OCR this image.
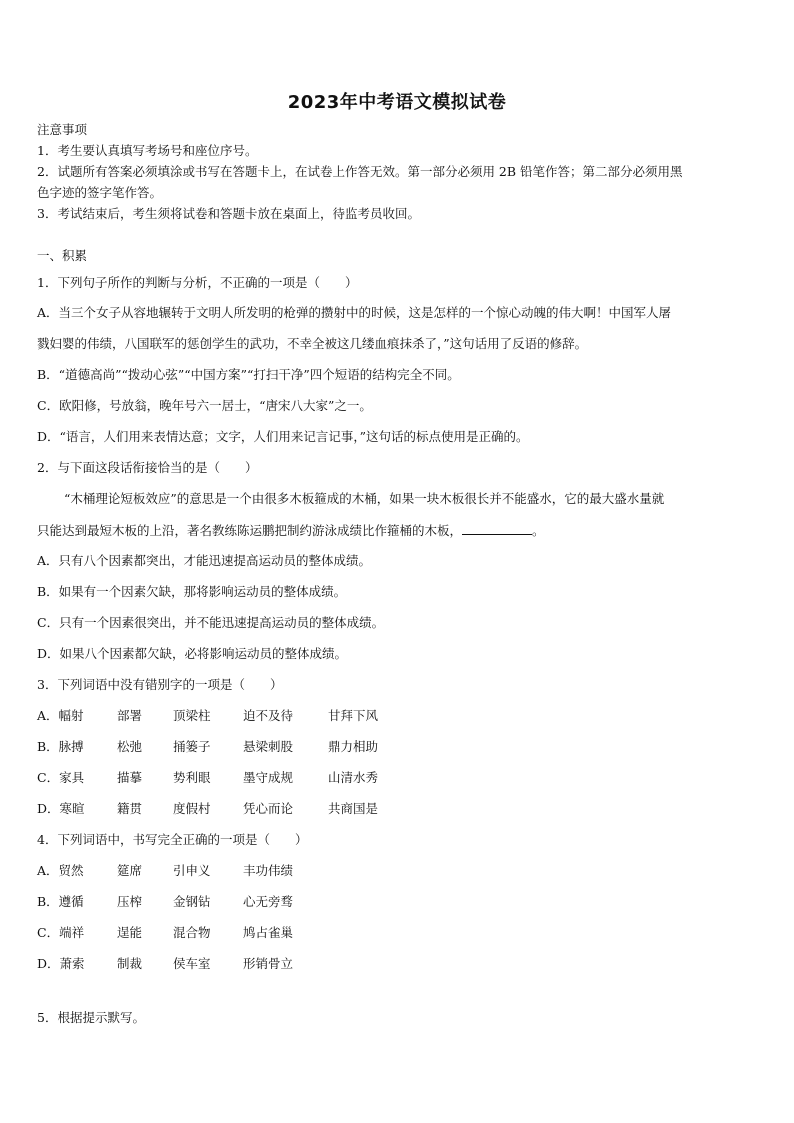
2023年中考语文模拟试卷
注意事项
1．考生要认真填写考场号和座位序号。
2．试题所有答案必须填涂或书写在答题卡上，在试卷上作答无效。第一部分必须用 2B 铅笔作答；第二部分必须用黑
色字迹的签字笔作答。
3．考试结束后，考生须将试卷和答题卡放在桌面上，待监考员收回。
一、积累
1．下列句子所作的判断与分析，不正确的一项是（　　）
A．当三个女子从容地辗转于文明人所发明的枪弹的攒射中的时候，这是怎样的一个惊心动魄的伟大啊！中国军人屠
戮妇婴的伟绩，八国联军的惩创学生的武功，不幸全被这几缕血痕抹杀了，”这句话用了反语的修辞。
B．“道德高尚”“拨动心弦”“中国方案”“打扫干净”四个短语的结构完全不同。
C．欧阳修，号放翁，晚年号六一居士，“唐宋八大家”之一。
D．“语言，人们用来表情达意；文字，人们用来记言记事，”这句话的标点使用是正确的。
2．与下面这段话衔接恰当的是（　　）
“木桶理论短板效应”的意思是一个由很多木板箍成的木桶，如果一块木板很长并不能盛水，它的最大盛水量就
只能达到最短木板的上沿，著名教练陈运鹏把制约游泳成绩比作箍桶的木板，	。
A．只有八个因素都突出，才能迅速提高运动员的整体成绩。
B．如果有一个因素欠缺，那将影响运动员的整体成绩。
C．只有一个因素很突出，并不能迅速提高运动员的整体成绩。
D．如果八个因素都欠缺，必将影响运动员的整体成绩。
3．下列词语中没有错别字的一项是（　　）
A．幅射	部署 顶梁柱	迫不及待	甘拜下风
B．脉搏	松弛 捅篓子	悬梁刺股	鼎力相助
C．家具	描摹 势利眼	墨守成规	山清水秀
D．寒暄	籍贯 度假村	凭心而论	共商国是
4．下列词语中，书写完全正确的一项是（　　）
A．贸然	筵席 引申义	丰功伟绩
B．遵循	压榨 金钢钻	心无旁骛
C．端祥	逞能 混合物	鸠占雀巢
D．萧索	制裁 侯车室	形销骨立
5．根据提示默写。
